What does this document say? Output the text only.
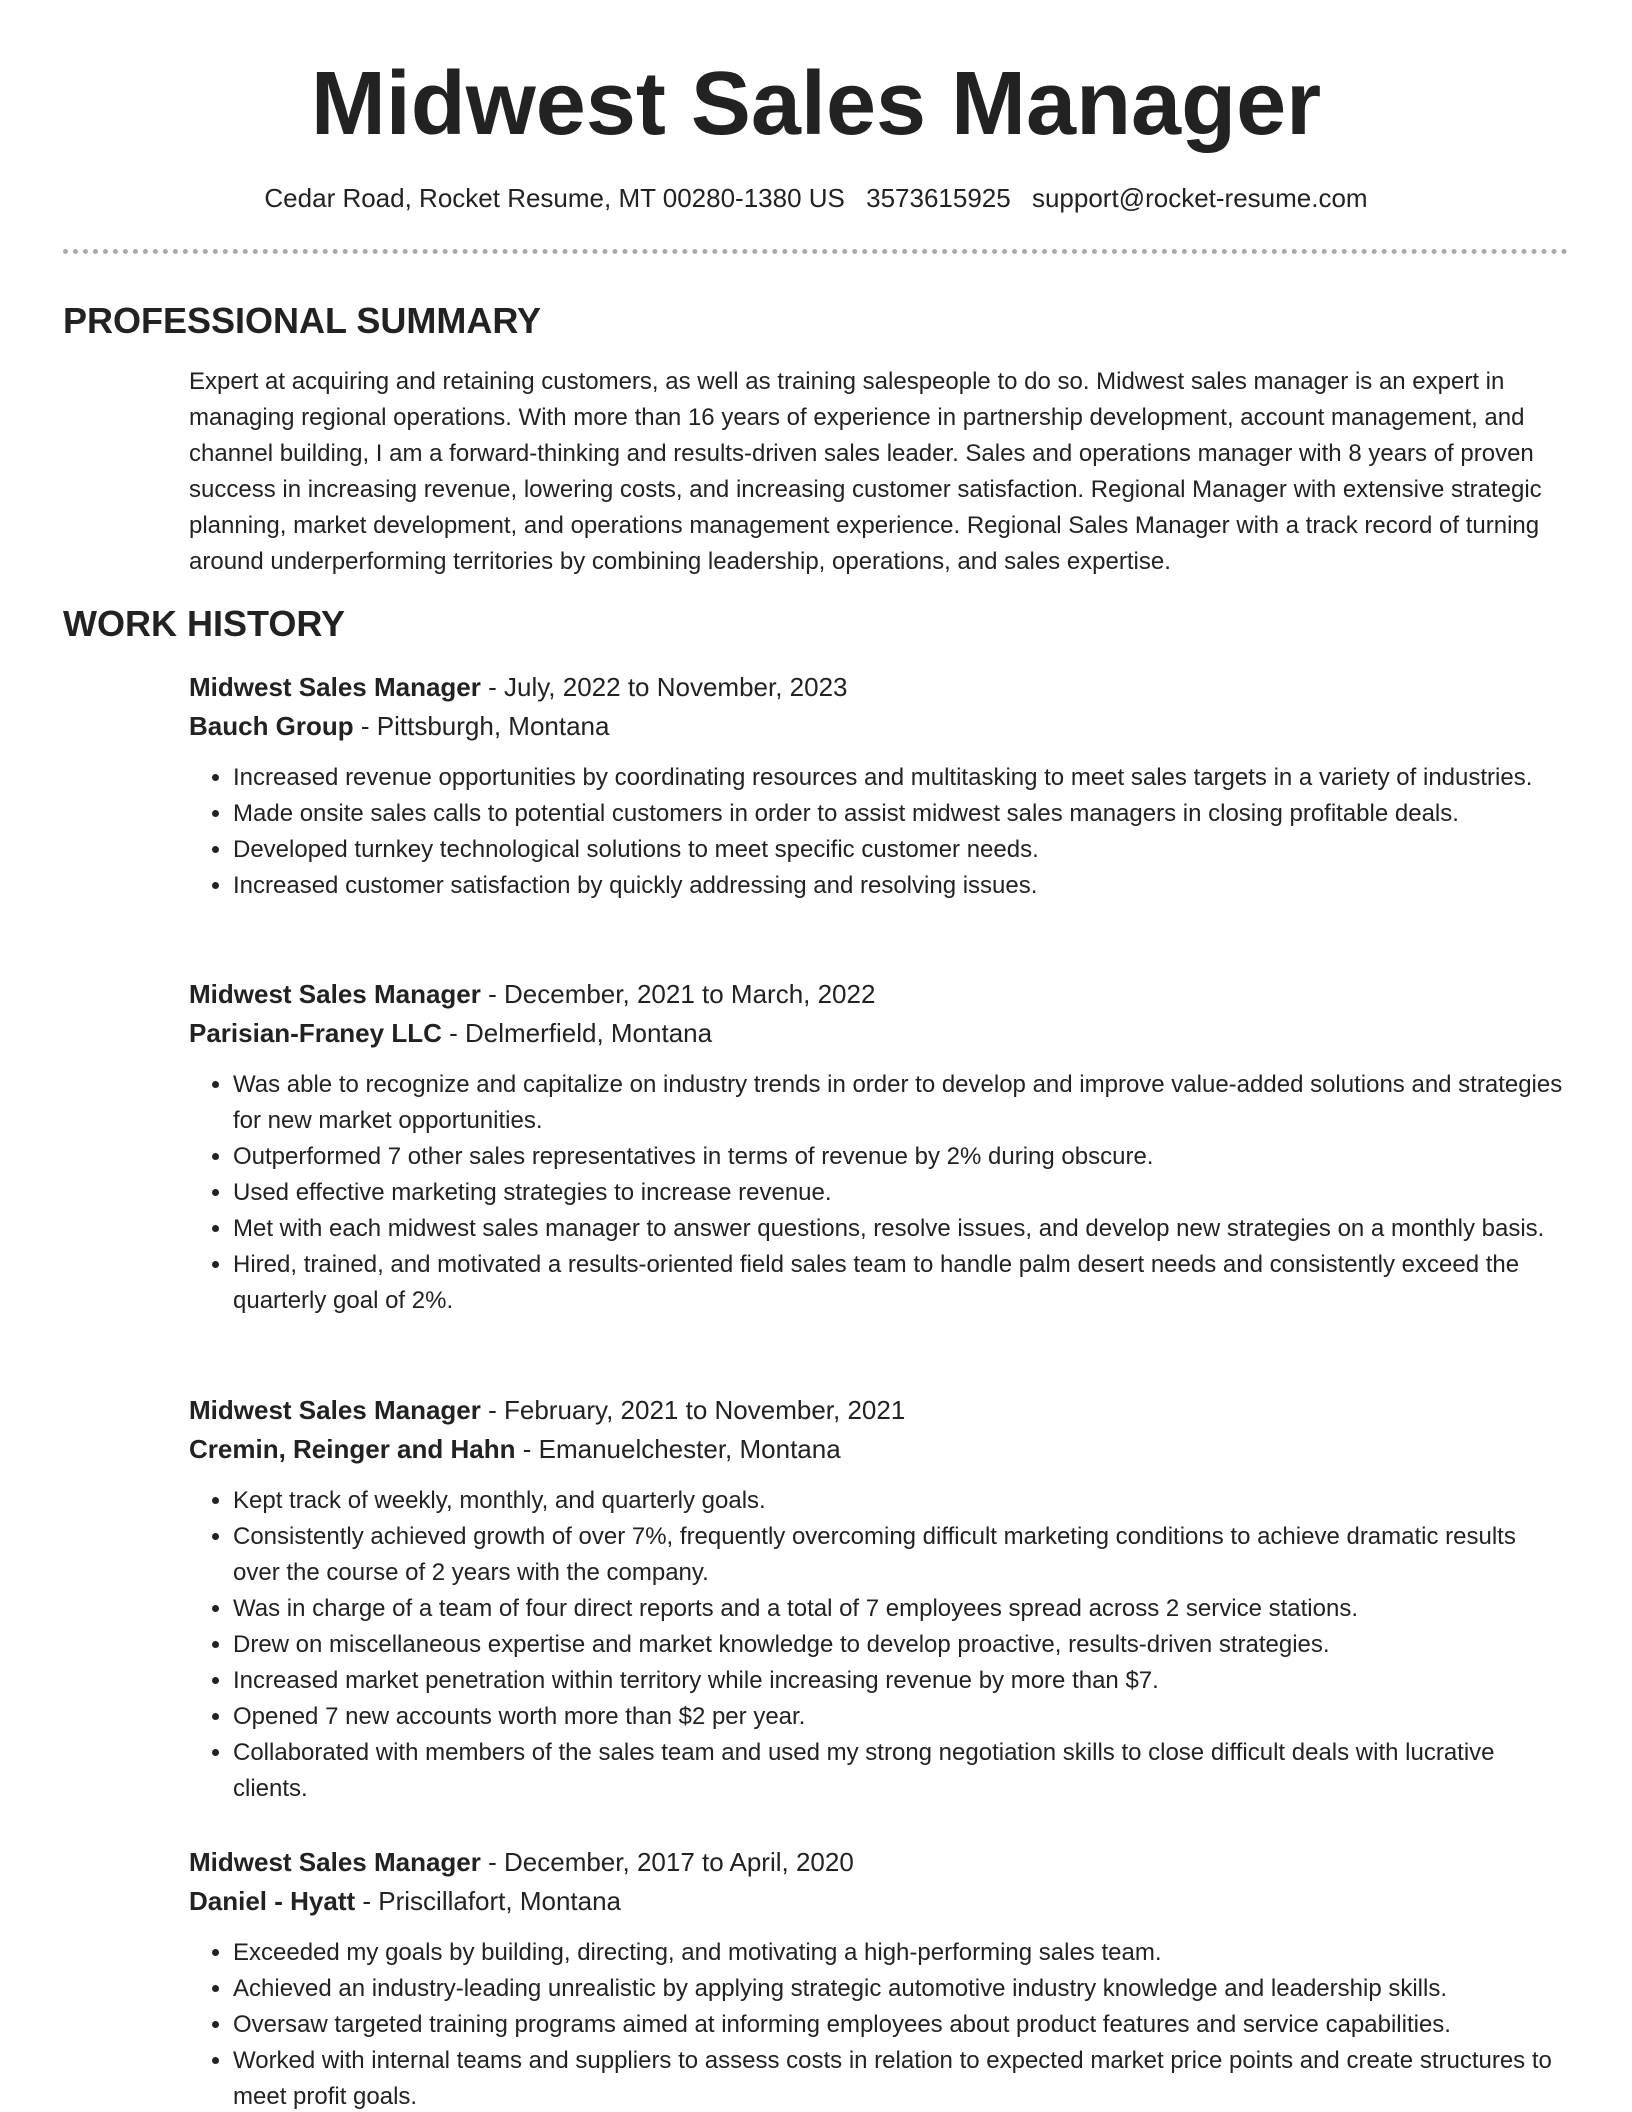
Midwest Sales Manager

Cedar Road, Rocket Resume, MT 00280-1380 US 3573615925 support@rocket-resume.com

PROFESSIONAL SUMMARY

Expert at acquiring and retaining customers, as well as training salespeople to do so. Midwest sales manager is an expert in managing regional operations. With more than 16 years of experience in partnership development, account management, and channel building, I am a forward-thinking and results-driven sales leader. Sales and operations manager with 8 years of proven success in increasing revenue, lowering costs, and increasing customer satisfaction. Regional Manager with extensive strategic planning, market development, and operations management experience. Regional Sales Manager with a track record of turning around underperforming territories by combining leadership, operations, and sales expertise.

WORK HISTORY

Midwest Sales Manager - July, 2022 to November, 2023

Bauch Group - Pittsburgh, Montana

• Increased revenue opportunities by coordinating resources and multitasking to meet sales targets in a variety of industries.
• Made onsite sales calls to potential customers in order to assist midwest sales managers in closing profitable deals.
• Developed turnkey technological solutions to meet specific customer needs.
• Increased customer satisfaction by quickly addressing and resolving issues.

Midwest Sales Manager - December, 2021 to March, 2022

Parisian-Franey LLC - Delmerfield, Montana

• Was able to recognize and capitalize on industry trends in order to develop and improve value-added solutions and strategies for new market opportunities.
• Outperformed 7 other sales representatives in terms of revenue by 2% during obscure.
• Used effective marketing strategies to increase revenue.
• Met with each midwest sales manager to answer questions, resolve issues, and develop new strategies on a monthly basis.
• Hired, trained, and motivated a results-oriented field sales team to handle palm desert needs and consistently exceed the quarterly goal of 2%.

Midwest Sales Manager - February, 2021 to November, 2021

Cremin, Reinger and Hahn - Emanuelchester, Montana

• Kept track of weekly, monthly, and quarterly goals.
• Consistently achieved growth of over 7%, frequently overcoming difficult marketing conditions to achieve dramatic results over the course of 2 years with the company.
• Was in charge of a team of four direct reports and a total of 7 employees spread across 2 service stations.
• Drew on miscellaneous expertise and market knowledge to develop proactive, results-driven strategies.
• Increased market penetration within territory while increasing revenue by more than $7.
• Opened 7 new accounts worth more than $2 per year.
• Collaborated with members of the sales team and used my strong negotiation skills to close difficult deals with lucrative clients.

Midwest Sales Manager - December, 2017 to April, 2020

Daniel - Hyatt - Priscillafort, Montana

• Exceeded my goals by building, directing, and motivating a high-performing sales team.
• Achieved an industry-leading unrealistic by applying strategic automotive industry knowledge and leadership skills.
• Oversaw targeted training programs aimed at informing employees about product features and service capabilities.
• Worked with internal teams and suppliers to assess costs in relation to expected market price points and create structures to meet profit goals.
